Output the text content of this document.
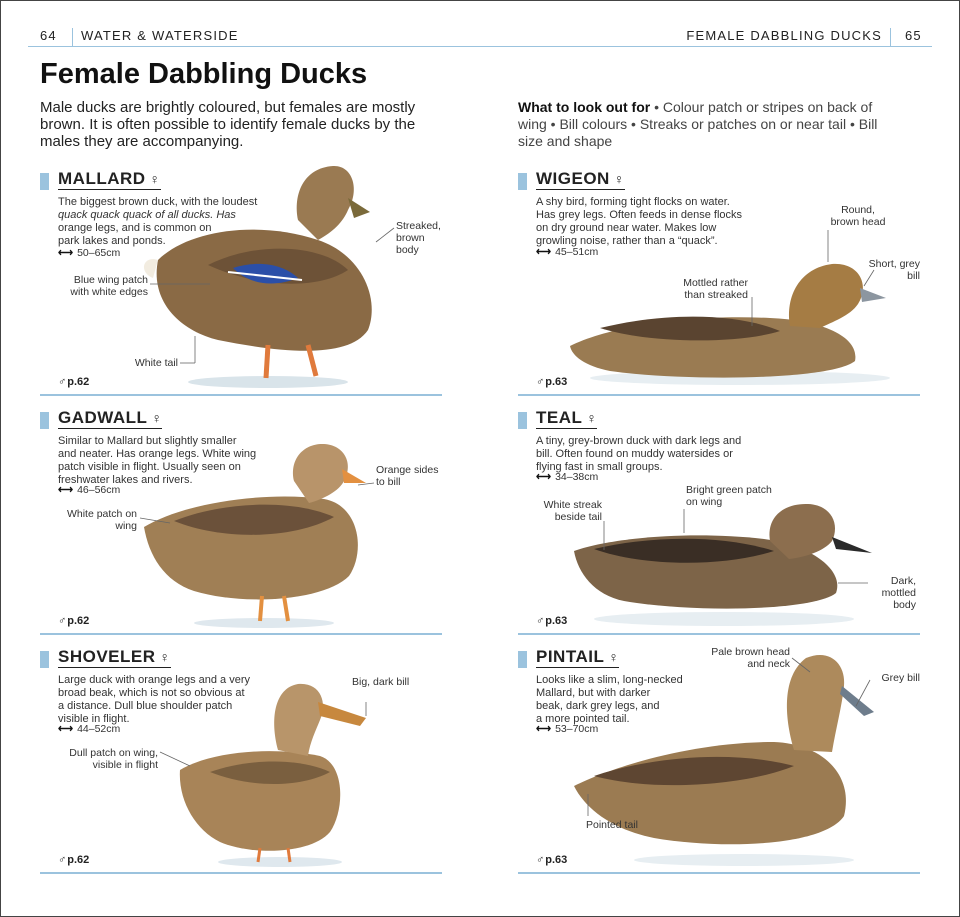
64 WATER & WATERSIDE	FEMALE DABBLING DUCKS 65
Female Dabbling Ducks
Male ducks are brightly coloured, but females are mostly brown. It is often possible to identify female ducks by the males they are accompanying.
What to look out for • Colour patch or stripes on back of wing • Bill colours • Streaks or patches on or near tail • Bill size and shape
MALLARD ♀
The biggest brown duck, with the loudest
quack quack quack of all ducks. Has
orange legs, and is common on
park lakes and ponds.
⟷ 50–65cm
Blue wing patch with white edges
Streaked, brown body
White tail
♂p.62
WIGEON ♀
A shy bird, forming tight flocks on water.
Has grey legs. Often feeds in dense flocks
on dry ground near water. Makes low
growling noise, rather than a “quack”.
⟷ 45–51cm
Round, brown head
Short, grey bill
Mottled rather than streaked
♂p.63
GADWALL ♀
Similar to Mallard but slightly smaller
and neater. Has orange legs. White wing
patch visible in flight. Usually seen on
freshwater lakes and rivers.
⟷ 46–56cm
Orange sides to bill
White patch on wing
♂p.62
TEAL ♀
A tiny, grey-brown duck with dark legs and
bill. Often found on muddy watersides or
flying fast in small groups.
⟷ 34–38cm
Bright green patch on wing
White streak beside tail
Dark, mottled body
♂p.63
SHOVELER ♀
Large duck with orange legs and a very
broad beak, which is not so obvious at
a distance. Dull blue shoulder patch
visible in flight.
⟷ 44–52cm
Big, dark bill
Dull patch on wing, visible in flight
♂p.62
PINTAIL ♀
Looks like a slim, long-necked
Mallard, but with darker
beak, dark grey legs, and
a more pointed tail.
⟷ 53–70cm
Pale brown head and neck
Grey bill
Pointed tail
♂p.63
